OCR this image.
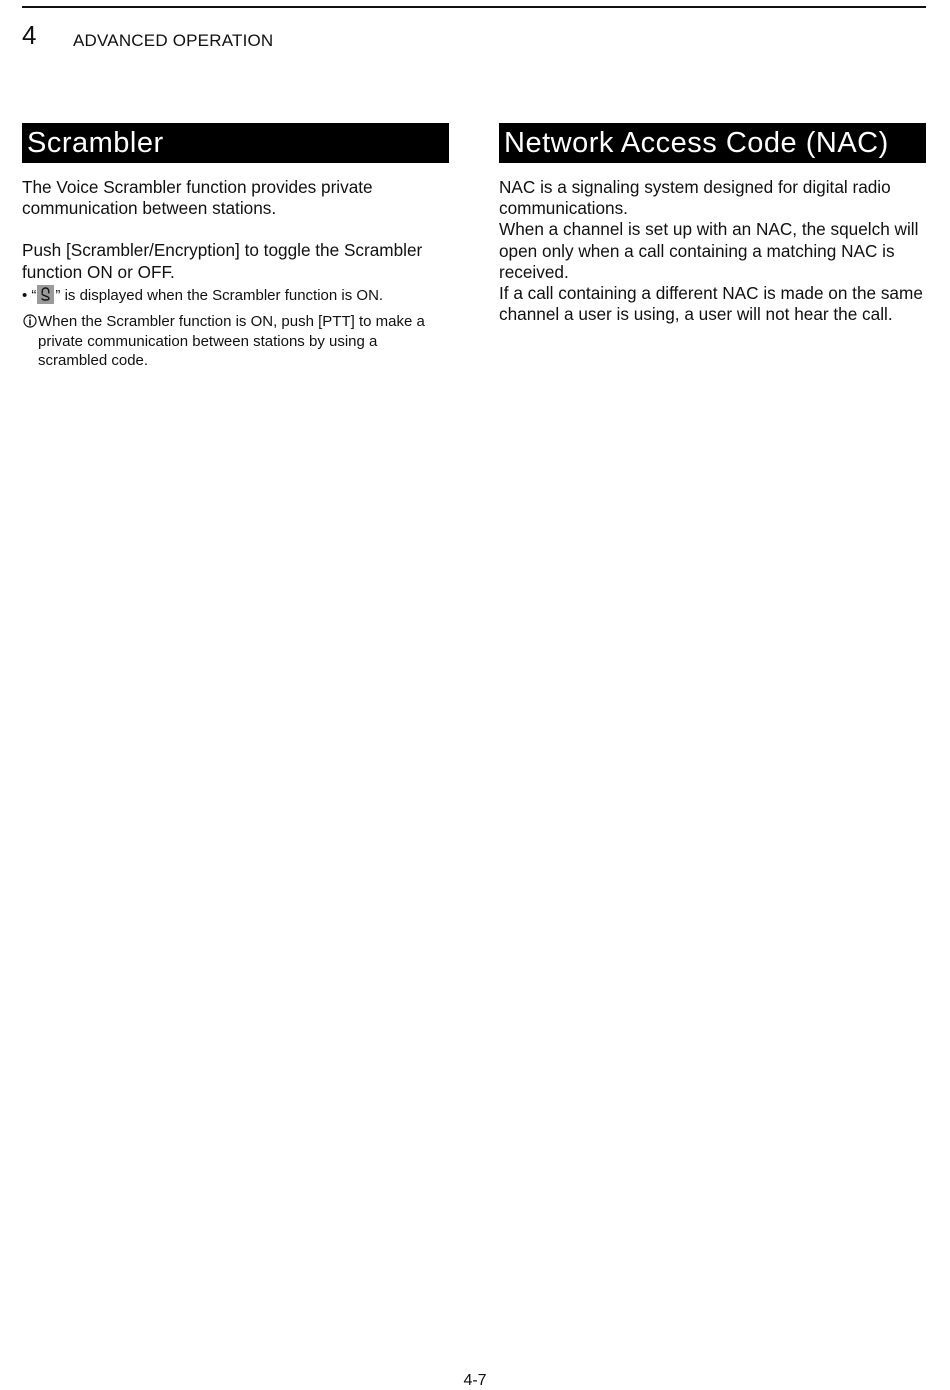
4 ADVANCED OPERATION
Scrambler

The Voice Scrambler function provides private communication between stations.

Push [Scrambler/Encryption] to toggle the Scrambler function ON or OFF.

• “ ” is displayed when the Scrambler function is ON.

When the Scrambler function is ON, push [PTT] to make a private communication between stations by using a scrambled code.

Network Access Code (NAC)

NAC is a signaling system designed for digital radio communications.

When a channel is set up with an NAC, the squelch will open only when a call containing a matching NAC is received.

If a call containing a different NAC is made on the same channel a user is using, a user will not hear the call.

4-7
